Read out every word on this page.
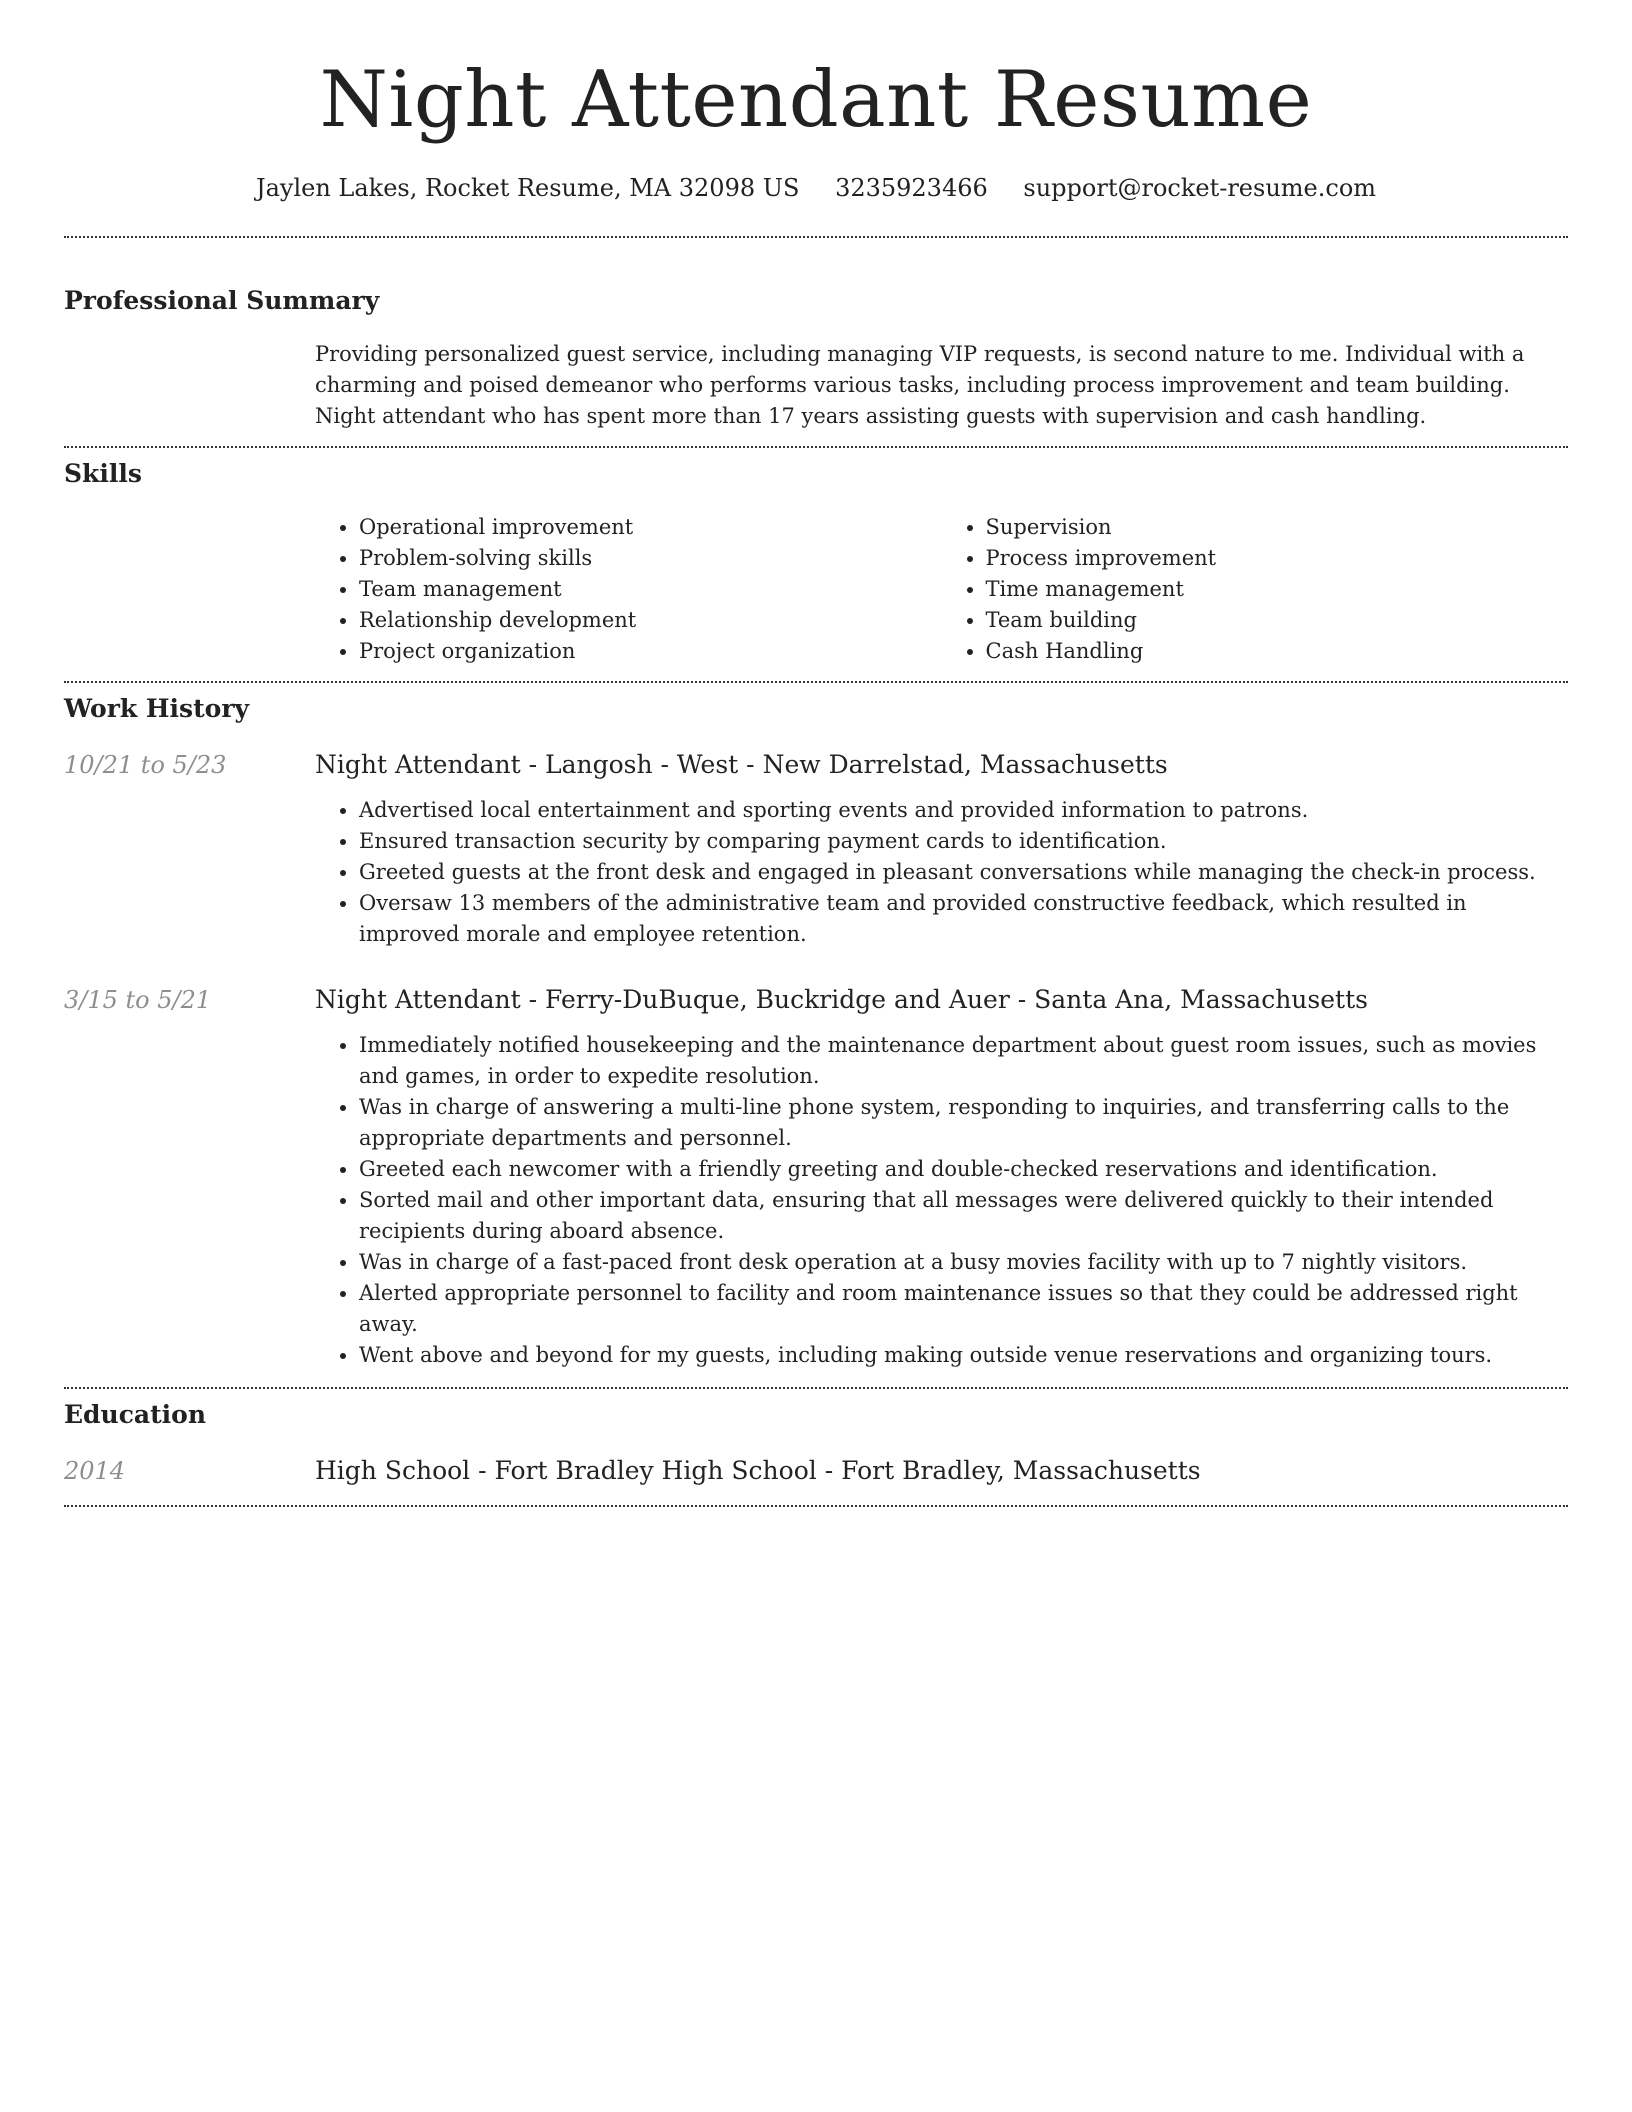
Night Attendant Resume
Jaylen Lakes, Rocket Resume, MA 32098 US 3235923466 support@rocket-resume.com
Professional Summary

Providing personalized guest service, including managing VIP requests, is second nature to me. Individual with a charming and poised demeanor who performs various tasks, including process improvement and team building. Night attendant who has spent more than 17 years assisting guests with supervision and cash handling.

Skills
• Operational improvement
• Problem-solving skills
• Team management
• Relationship development
• Project organization
• Supervision
• Process improvement
• Time management
• Team building
• Cash Handling
Work History
10/21 to 5/23	Night Attendant - Langosh - West - New Darrelstad, Massachusetts
• Advertised local entertainment and sporting events and provided information to patrons.
• Ensured transaction security by comparing payment cards to identification.
• Greeted guests at the front desk and engaged in pleasant conversations while managing the check-in process.
• Oversaw 13 members of the administrative team and provided constructive feedback, which resulted in improved morale and employee retention.
3/15 to 5/21	Night Attendant - Ferry-DuBuque, Buckridge and Auer - Santa Ana, Massachusetts
• Immediately notified housekeeping and the maintenance department about guest room issues, such as movies and games, in order to expedite resolution.
• Was in charge of answering a multi-line phone system, responding to inquiries, and transferring calls to the appropriate departments and personnel.
• Greeted each newcomer with a friendly greeting and double-checked reservations and identification.
• Sorted mail and other important data, ensuring that all messages were delivered quickly to their intended recipients during aboard absence.
• Was in charge of a fast-paced front desk operation at a busy movies facility with up to 7 nightly visitors.
• Alerted appropriate personnel to facility and room maintenance issues so that they could be addressed right away.
• Went above and beyond for my guests, including making outside venue reservations and organizing tours.
Education
2014	High School - Fort Bradley High School - Fort Bradley, Massachusetts
